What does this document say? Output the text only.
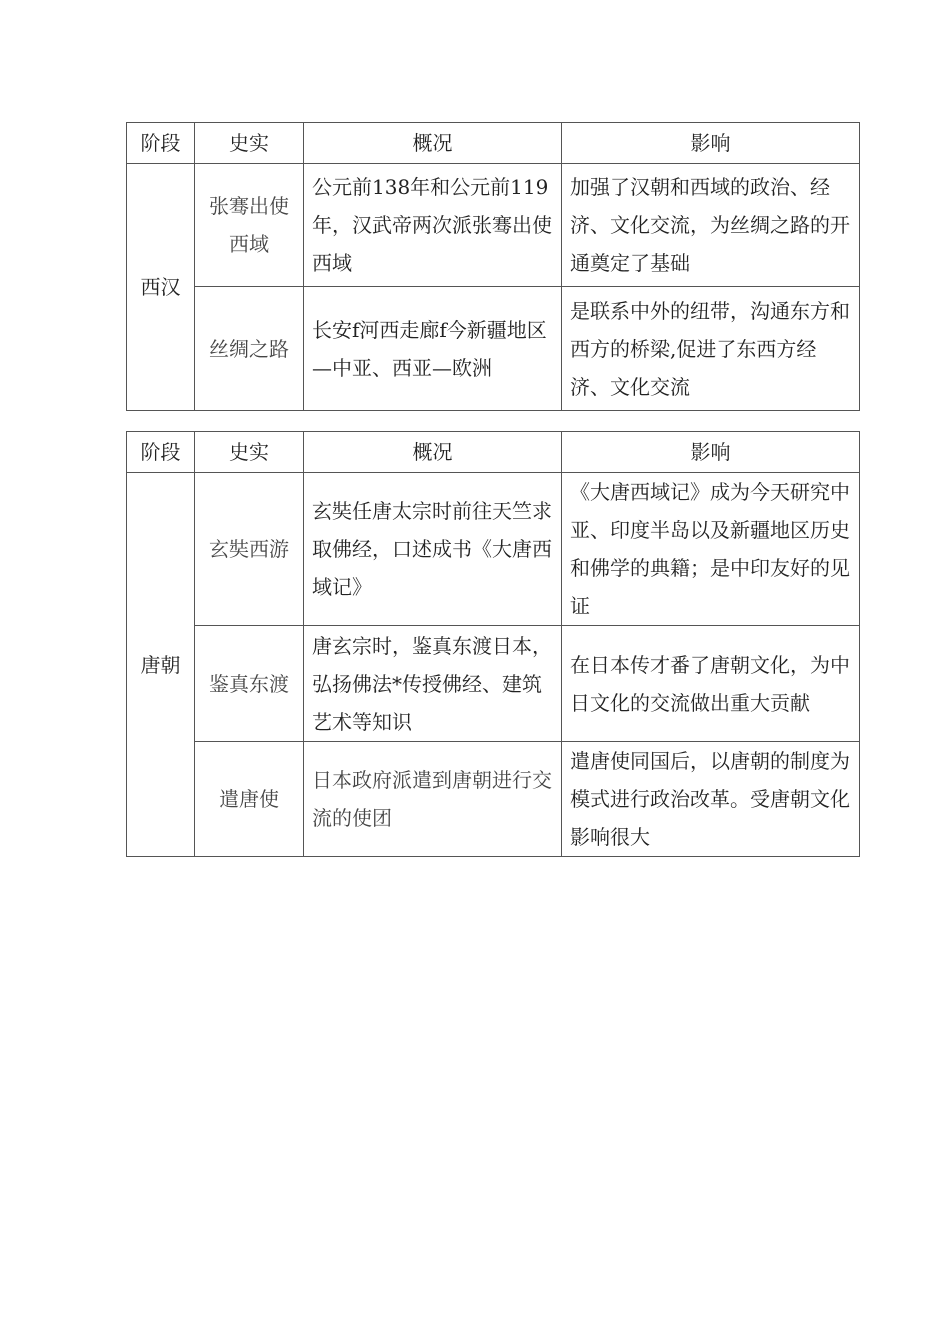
阶段	史实	概况	影响
西汉	张骞出使西域	公元前138年和公元前119年，汉武帝两次派张骞出使西域	加强了汉朝和西域的政治、经济、文化交流，为丝绸之路的开通奠定了基础
	丝绸之路	长安f河西走廊f今新疆地区—中亚、西亚—欧洲	是联系中外的纽带，沟通东方和西方的桥梁,促进了东西方经济、文化交流
阶段	史实	概况	影响
唐朝	玄奘西游	玄奘任唐太宗时前往天竺求取佛经，口述成书《大唐西域记》	《大唐西域记》成为今天研究中亚、印度半岛以及新疆地区历史和佛学的典籍；是中印友好的见证
	鉴真东渡	唐玄宗时，鉴真东渡日本，弘扬佛法*传授佛经、建筑艺术等知识	在日本传才番了唐朝文化，为中日文化的交流做出重大贡献
	遣唐使	日本政府派遣到唐朝进行交流的使团	遣唐使同国后，以唐朝的制度为模式进行政治改革。受唐朝文化影响很大
